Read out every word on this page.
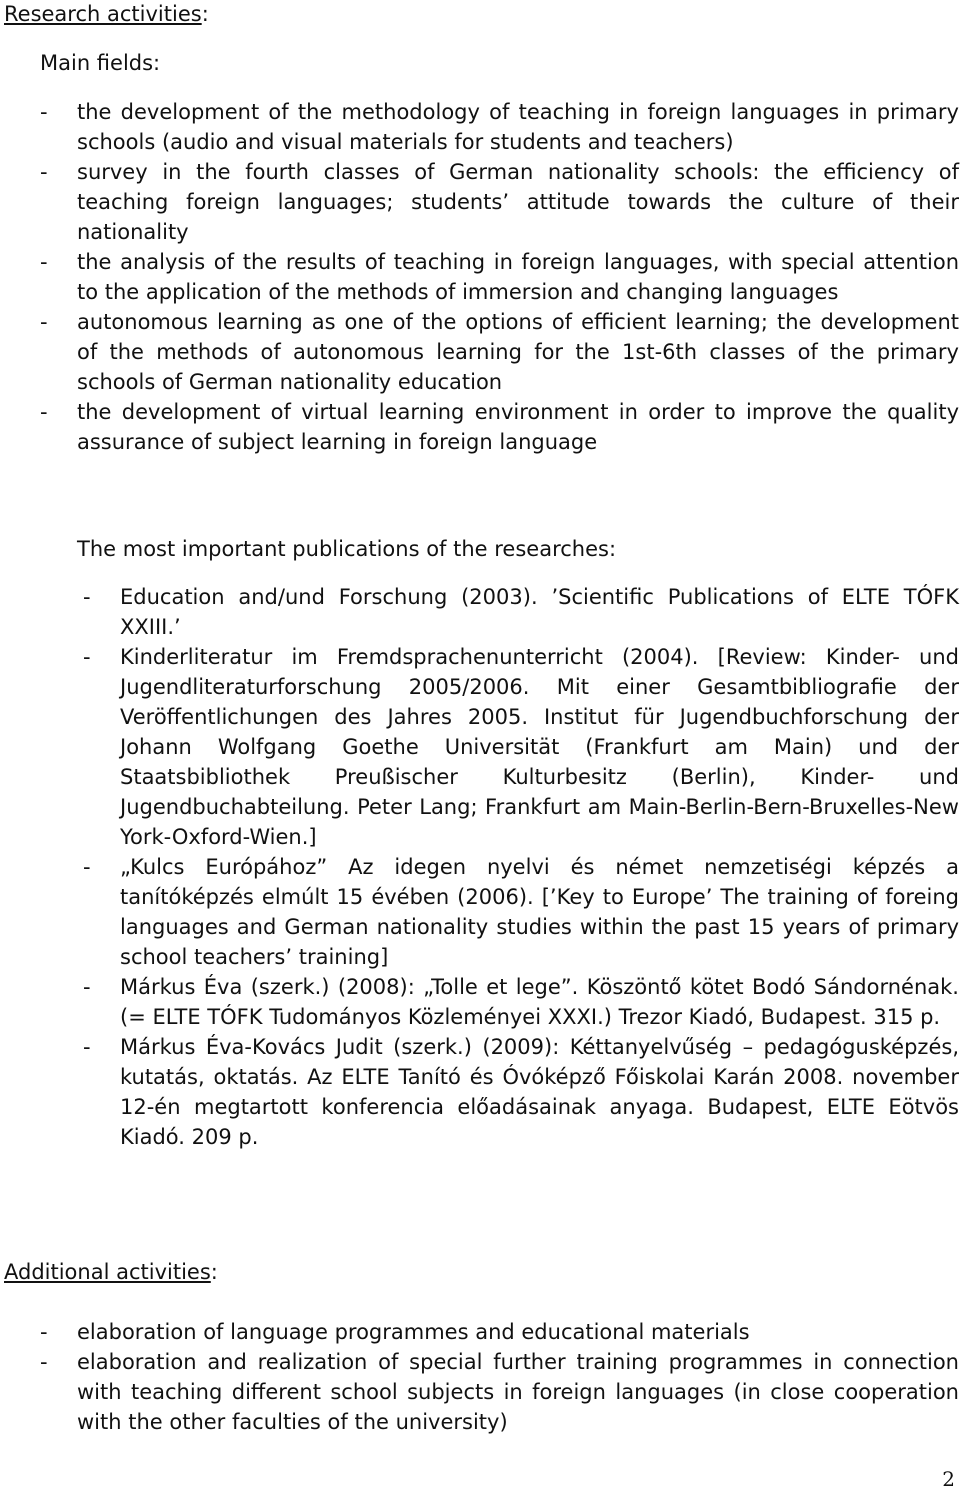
Research activities:

Main fields:

- the development of the methodology of teaching in foreign languages in primary schools (audio and visual materials for students and teachers)
- survey in the fourth classes of German nationality schools: the efficiency of teaching foreign languages; students’ attitude towards the culture of their nationality
- the analysis of the results of teaching in foreign languages, with special attention to the application of the methods of immersion and changing languages
- autonomous learning as one of the options of efficient learning; the development of the methods of autonomous learning for the 1st-6th classes of the primary schools of German nationality education
- the development of virtual learning environment in order to improve the quality assurance of subject learning in foreign language

The most important publications of the researches:

- Education and/und Forschung (2003). ’Scientific Publications of ELTE TÓFK XXIII.’
- Kinderliteratur im Fremdsprachenunterricht (2004). [Review: Kinder- und Jugendliteraturforschung 2005/2006. Mit einer Gesamtbibliografie der Veröffentlichungen des Jahres 2005. Institut für Jugendbuchforschung der Johann Wolfgang Goethe Universität (Frankfurt am Main) und der Staatsbibliothek Preußischer Kulturbesitz (Berlin), Kinder- und Jugendbuchabteilung. Peter Lang; Frankfurt am Main-Berlin-Bern-Bruxelles-New York-Oxford-Wien.]
- „Kulcs Európához” Az idegen nyelvi és német nemzetiségi képzés a tanítóképzés elmúlt 15 évében (2006). [’Key to Europe’ The training of foreing languages and German nationality studies within the past 15 years of primary school teachers’ training]
- Márkus Éva (szerk.) (2008): „Tolle et lege”. Köszöntő kötet Bodó Sándornénak. (= ELTE TÓFK Tudományos Közleményei XXXI.) Trezor Kiadó, Budapest. 315 p.
- Márkus Éva-Kovács Judit (szerk.) (2009): Kéttanyelvűség – pedagógusképzés, kutatás, oktatás. Az ELTE Tanító és Óvóképző Főiskolai Karán 2008. november 12-én megtartott konferencia előadásainak anyaga. Budapest, ELTE Eötvös Kiadó. 209 p.
Additional activities:
- elaboration of language programmes and educational materials
- elaboration and realization of special further training programmes in connection with teaching different school subjects in foreign languages (in close cooperation with the other faculties of the university)
2
